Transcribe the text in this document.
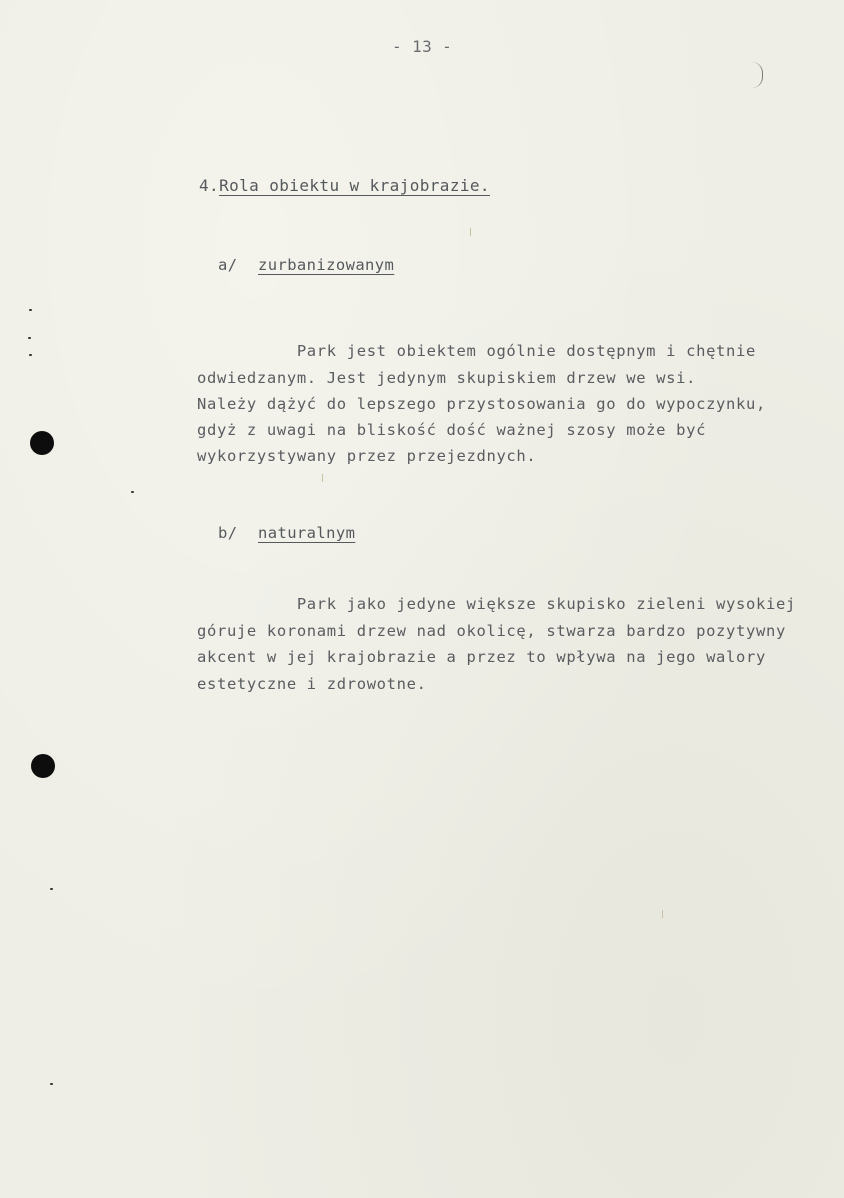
- 13 -
4.Rola obiektu w krajobrazie.
a/ zurbanizowanym
Park jest obiektem ogólnie dostępnym i chętnie
odwiedzanym. Jest jedynym skupiskiem drzew we wsi.
Należy dążyć do lepszego przystosowania go do wypoczynku,
gdyż z uwagi na bliskość dość ważnej szosy może być
wykorzystywany przez przejezdnych.
b/ naturalnym
Park jako jedyne większe skupisko zieleni wysokiej
góruje koronami drzew nad okolicę, stwarza bardzo pozytywny
akcent w jej krajobrazie a przez to wpływa na jego walory
estetyczne i zdrowotne.
